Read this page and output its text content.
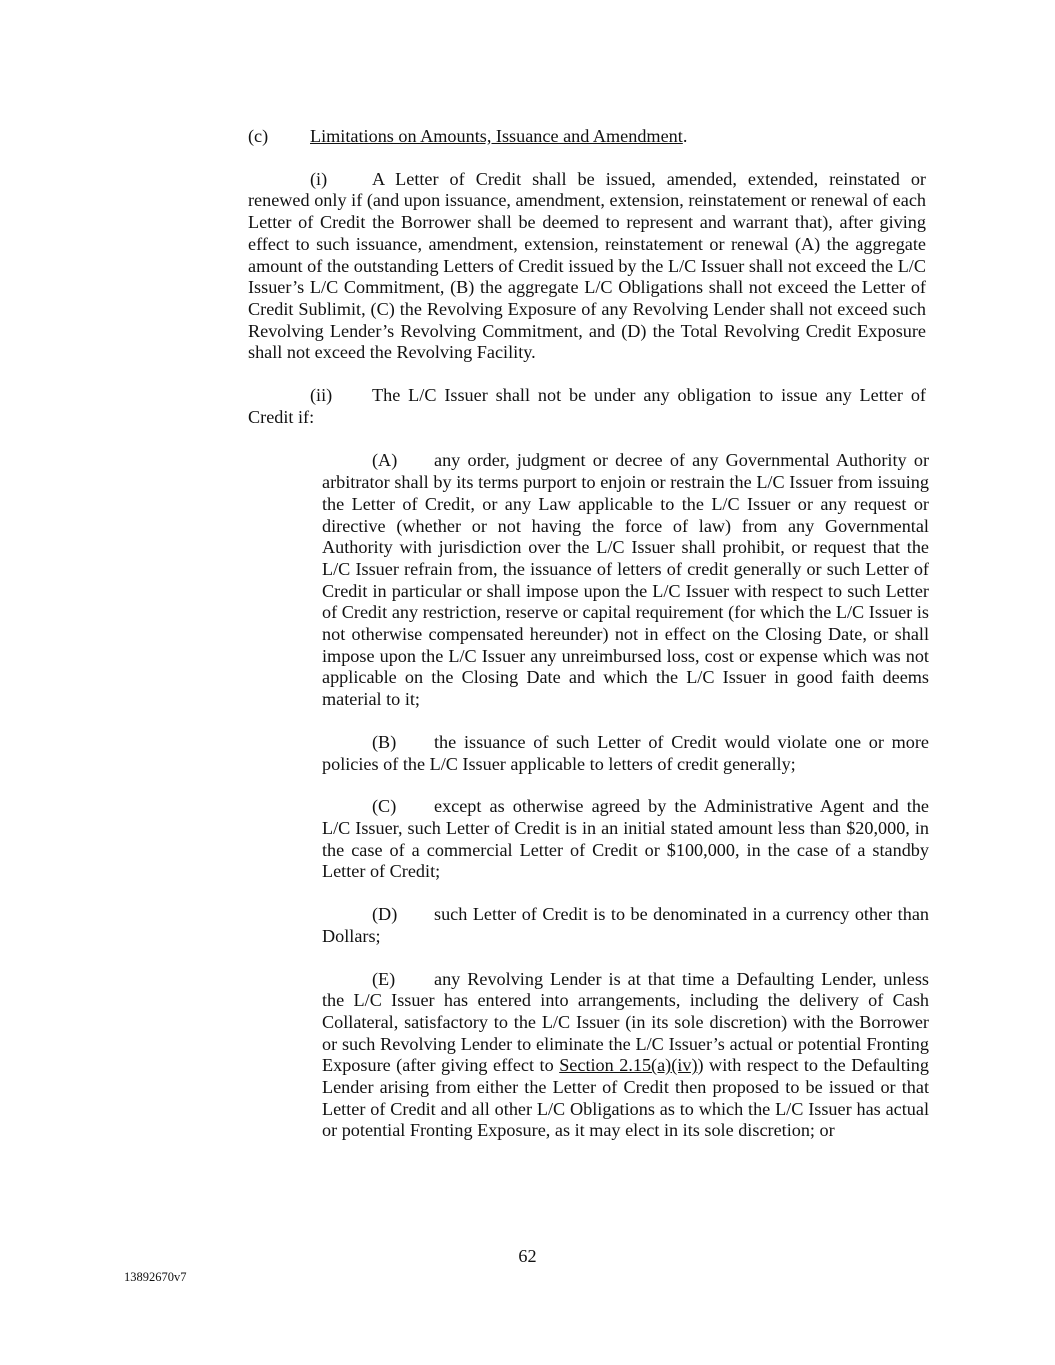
(c) Limitations on Amounts, Issuance and Amendment.

(i) A Letter of Credit shall be issued, amended, extended, reinstated or renewed only if (and upon issuance, amendment, extension, reinstatement or renewal of each Letter of Credit the Borrower shall be deemed to represent and warrant that), after giving effect to such issuance, amendment, extension, reinstatement or renewal (A) the aggregate amount of the outstanding Letters of Credit issued by the L/C Issuer shall not exceed the L/C Issuer’s L/C Commitment, (B) the aggregate L/C Obligations shall not exceed the Letter of Credit Sublimit, (C) the Revolving Exposure of any Revolving Lender shall not exceed such Revolving Lender’s Revolving Commitment, and (D) the Total Revolving Credit Exposure shall not exceed the Revolving Facility.

(ii) The L/C Issuer shall not be under any obligation to issue any Letter of Credit if:

(A) any order, judgment or decree of any Governmental Authority or arbitrator shall by its terms purport to enjoin or restrain the L/C Issuer from issuing the Letter of Credit, or any Law applicable to the L/C Issuer or any request or directive (whether or not having the force of law) from any Governmental Authority with jurisdiction over the L/C Issuer shall prohibit, or request that the L/C Issuer refrain from, the issuance of letters of credit generally or such Letter of Credit in particular or shall impose upon the L/C Issuer with respect to such Letter of Credit any restriction, reserve or capital requirement (for which the L/C Issuer is not otherwise compensated hereunder) not in effect on the Closing Date, or shall impose upon the L/C Issuer any unreimbursed loss, cost or expense which was not applicable on the Closing Date and which the L/C Issuer in good faith deems material to it;

(B) the issuance of such Letter of Credit would violate one or more policies of the L/C Issuer applicable to letters of credit generally;

(C) except as otherwise agreed by the Administrative Agent and the L/C Issuer, such Letter of Credit is in an initial stated amount less than $20,000, in the case of a commercial Letter of Credit or $100,000, in the case of a standby Letter of Credit;

(D) such Letter of Credit is to be denominated in a currency other than Dollars;

(E) any Revolving Lender is at that time a Defaulting Lender, unless the L/C Issuer has entered into arrangements, including the delivery of Cash Collateral, satisfactory to the L/C Issuer (in its sole discretion) with the Borrower or such Revolving Lender to eliminate the L/C Issuer’s actual or potential Fronting Exposure (after giving effect to Section 2.15(a)(iv)) with respect to the Defaulting Lender arising from either the Letter of Credit then proposed to be issued or that Letter of Credit and all other L/C Obligations as to which the L/C Issuer has actual or potential Fronting Exposure, as it may elect in its sole discretion; or

62
13892670v7
